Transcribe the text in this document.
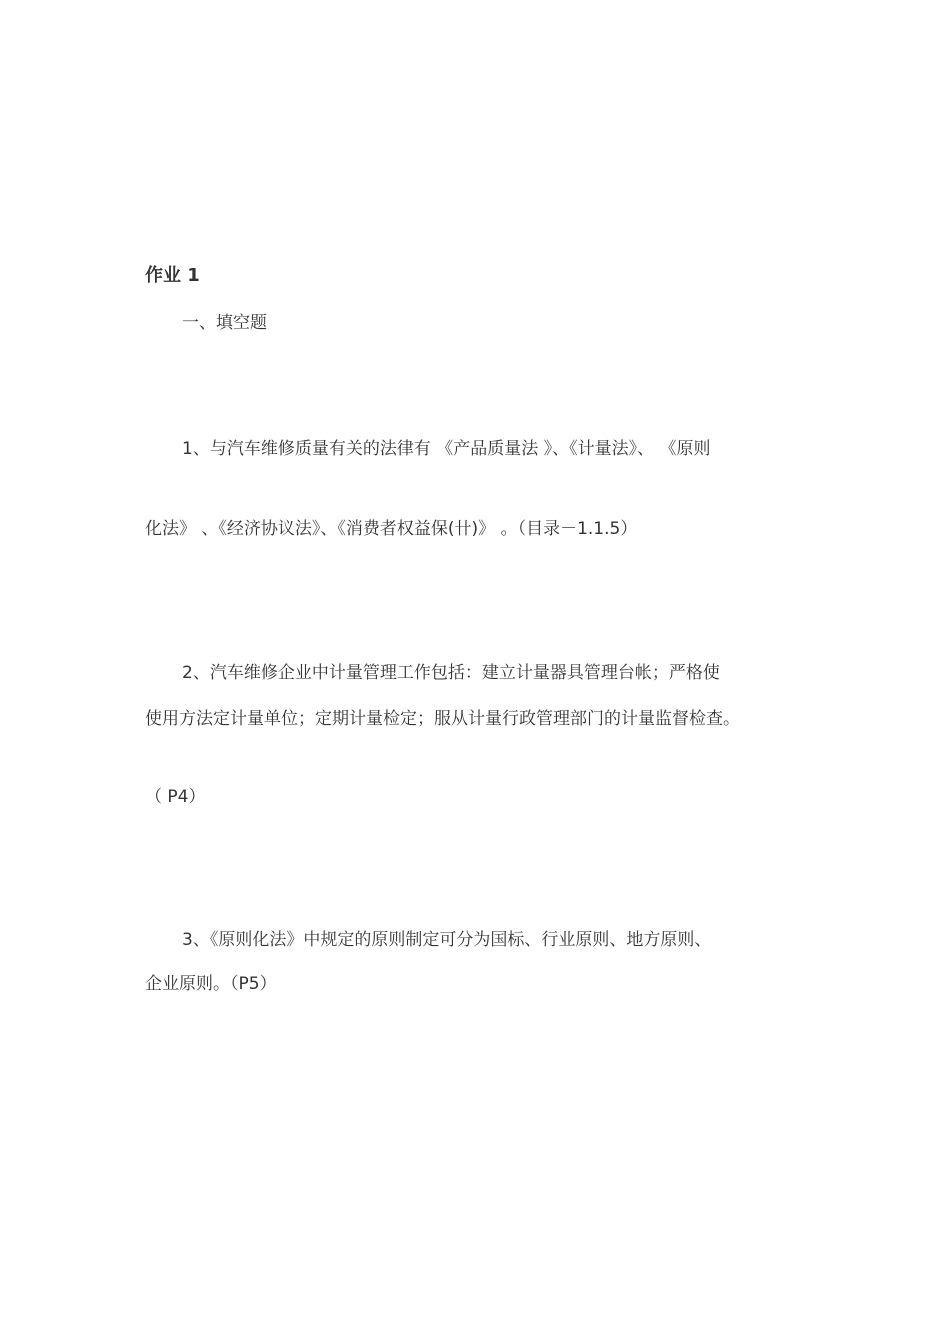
作业 1
一、填空题
1、与汽车维修质量有关的法律有 《产品质量法 》、《计量法》、 《原则
化法》 、《经济协议法》、《消费者权益保(卄)》 。（目录－1.1.5）
2、汽车维修企业中计量管理工作包括：建立计量器具管理台帐；严格使
使用方法定计量单位；定期计量检定；服从计量行政管理部门的计量监督检查。
（ P4）
3、《原则化法》中规定的原则制定可分为国标、行业原则、地方原则、
企业原则。（P5）
